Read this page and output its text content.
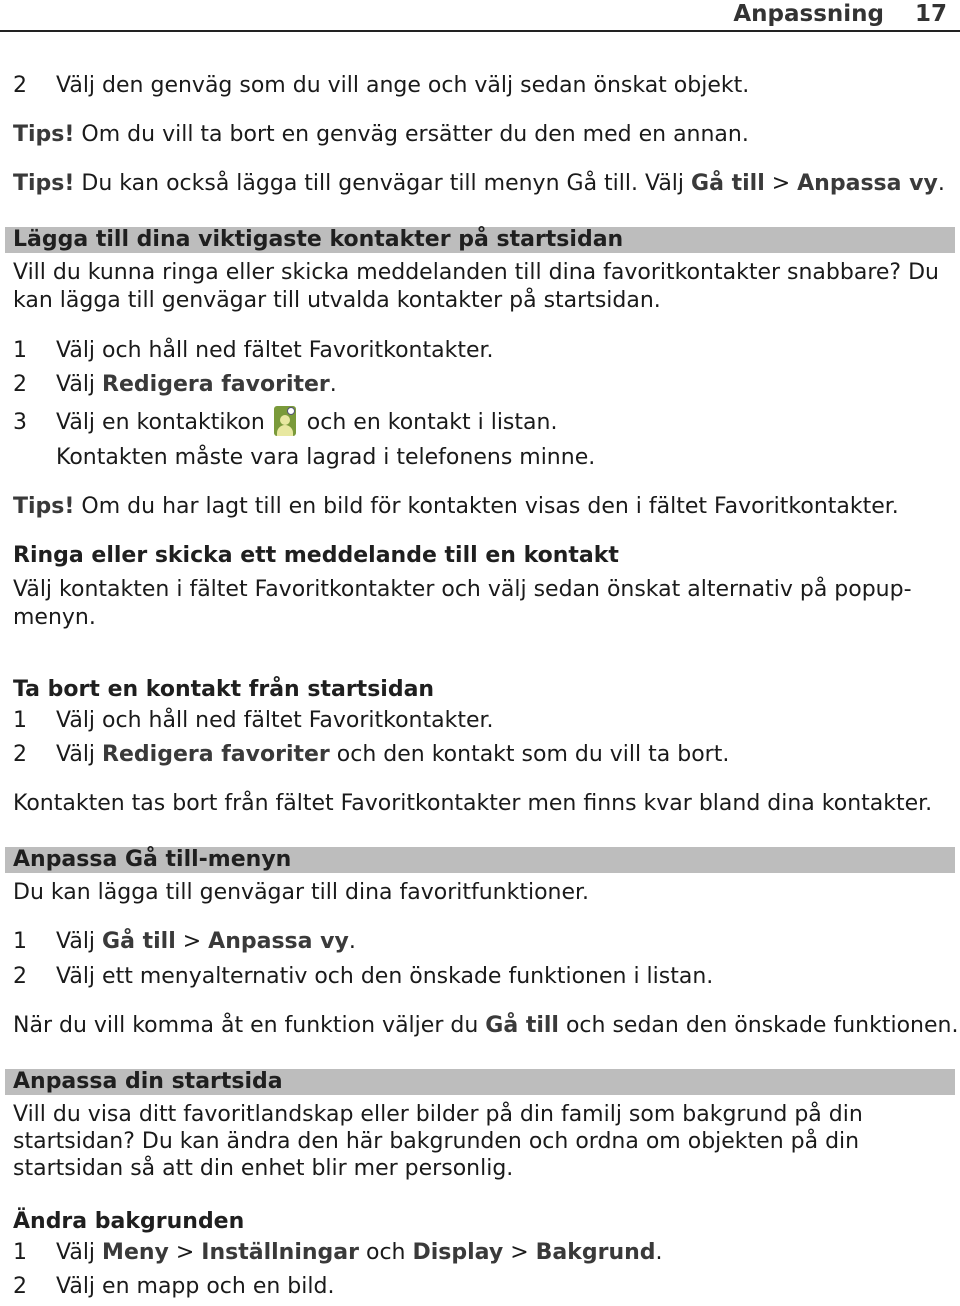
Anpassning 17
2 Välj den genväg som du vill ange och välj sedan önskat objekt.
Tips! Om du vill ta bort en genväg ersätter du den med en annan.
Tips! Du kan också lägga till genvägar till menyn Gå till. Välj Gå till > Anpassa vy.
Lägga till dina viktigaste kontakter på startsidan
Vill du kunna ringa eller skicka meddelanden till dina favoritkontakter snabbare? Du kan lägga till genvägar till utvalda kontakter på startsidan.
1 Välj och håll ned fältet Favoritkontakter.
2 Välj Redigera favoriter.
3 Välj en kontaktikon
och en kontakt i listan.
Kontakten måste vara lagrad i telefonens minne.
Tips! Om du har lagt till en bild för kontakten visas den i fältet Favoritkontakter.
Ringa eller skicka ett meddelande till en kontakt
Välj kontakten i fältet Favoritkontakter och välj sedan önskat alternativ på popup-menyn.
Ta bort en kontakt från startsidan
1 Välj och håll ned fältet Favoritkontakter.
2 Välj Redigera favoriter och den kontakt som du vill ta bort.
Kontakten tas bort från fältet Favoritkontakter men finns kvar bland dina kontakter.
Anpassa Gå till-menyn
Du kan lägga till genvägar till dina favoritfunktioner.
1 Välj Gå till > Anpassa vy.
2 Välj ett menyalternativ och den önskade funktionen i listan.
När du vill komma åt en funktion väljer du Gå till och sedan den önskade funktionen.
Anpassa din startsida
Vill du visa ditt favoritlandskap eller bilder på din familj som bakgrund på din startsidan? Du kan ändra den här bakgrunden och ordna om objekten på din startsidan så att din enhet blir mer personlig.
Ändra bakgrunden
1 Välj Meny > Inställningar och Display > Bakgrund.
2 Välj en mapp och en bild.
